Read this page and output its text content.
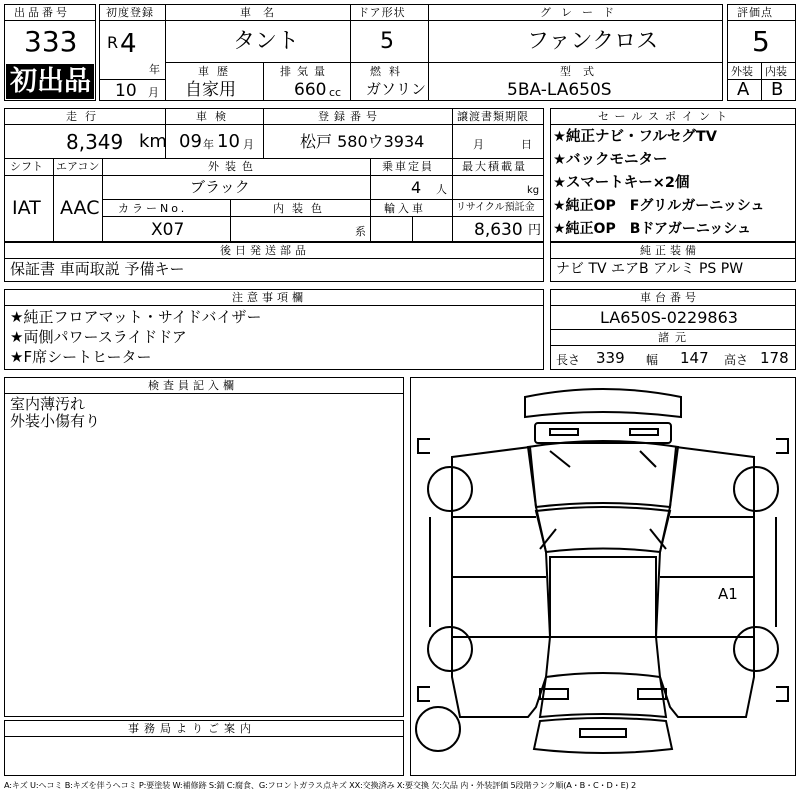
出品番号
333
初出品
初度登録
R 4
年
10 月
車名
タント
ドア形状
5
グレード
ファンクロス
車歴
自家用
排気量
660 cc
燃料
ガソリン
型式
5BA-LA650S
評価点
5
外装 内装
A B
走行
8,349 km
車検
09 年 10 月
登録番号
松戸 580ウ3934
譲渡書類期限
月	日
シフト エアコン
IAT AAC
外装色
ブラック
乗車定員
4 人
最大積載量
kg
カラーNo.
X07
内装色
系
輸入車	リサイクル預託金
8,630 円
後日発送部品
保証書 車両取説 予備キー
セールスポイント
★純正ナビ・フルセグTV
★バックモニター
★スマートキー×2個
★純正OP　Fグリルガーニッシュ
★純正OP　Bドアガーニッシュ
純正装備
ナビ TV エアB アルミ PS PW
注意事項欄
★純正フロアマット・サイドバイザー
★両側パワースライドドア
★F席シートヒーター
車台番号
LA650S-0229863
諸元
長さ 339 幅 147 高さ 178
検査員記入欄
室内薄汚れ
外装小傷有り
事務局よりご案内
A1
A:キズ U:ヘコミ B:キズを伴うヘコミ P:要塗装 W:補修跡 S:錆 C:腐食、G:フロントガラス点キズ XX:交換済み X:要交換 欠:欠品 内・外装評価 5段階ランク順(A・B・C・D・E) 2
